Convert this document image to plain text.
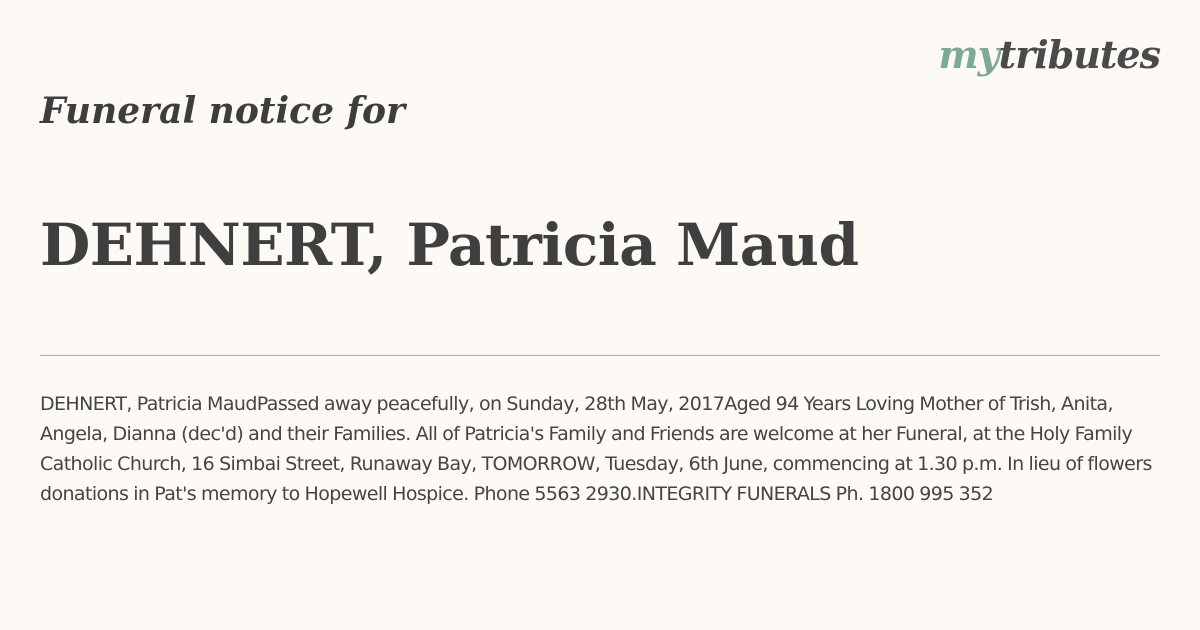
mytributes
Funeral notice for
DEHNERT, Patricia Maud

DEHNERT, Patricia MaudPassed away peacefully, on Sunday, 28th May, 2017Aged 94 Years Loving Mother of Trish, Anita, Angela, Dianna (dec'd) and their Families. All of Patricia's Family and Friends are welcome at her Funeral, at the Holy Family Catholic Church, 16 Simbai Street, Runaway Bay, TOMORROW, Tuesday, 6th June, commencing at 1.30 p.m. In lieu of flowers donations in Pat's memory to Hopewell Hospice. Phone 5563 2930.INTEGRITY FUNERALS Ph. 1800 995 352
